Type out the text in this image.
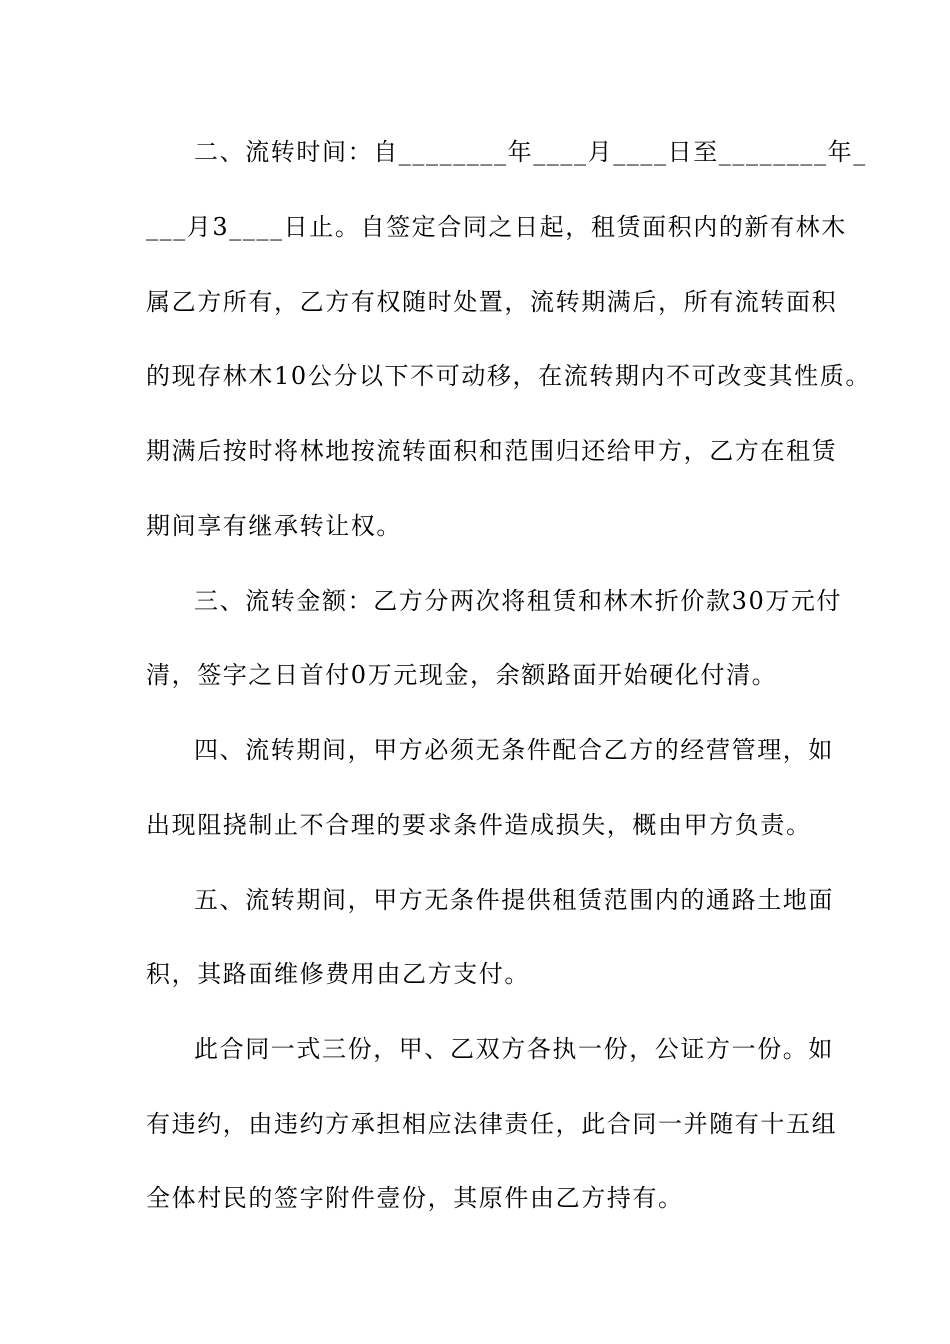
二、流转时间：自________年____月____日至________年_
___月3____日止。自签定合同之日起，租赁面积内的新有林木
属乙方所有，乙方有权随时处置，流转期满后，所有流转面积
的现存林木10公分以下不可动移，在流转期内不可改变其性质。
期满后按时将林地按流转面积和范围归还给甲方，乙方在租赁
期间享有继承转让权。
三、流转金额：乙方分两次将租赁和林木折价款30万元付
清，签字之日首付0万元现金，余额路面开始硬化付清。
四、流转期间，甲方必须无条件配合乙方的经营管理，如
出现阻挠制止不合理的要求条件造成损失，概由甲方负责。
五、流转期间，甲方无条件提供租赁范围内的通路土地面
积，其路面维修费用由乙方支付。
此合同一式三份，甲、乙双方各执一份，公证方一份。如
有违约，由违约方承担相应法律责任，此合同一并随有十五组
全体村民的签字附件壹份，其原件由乙方持有。
